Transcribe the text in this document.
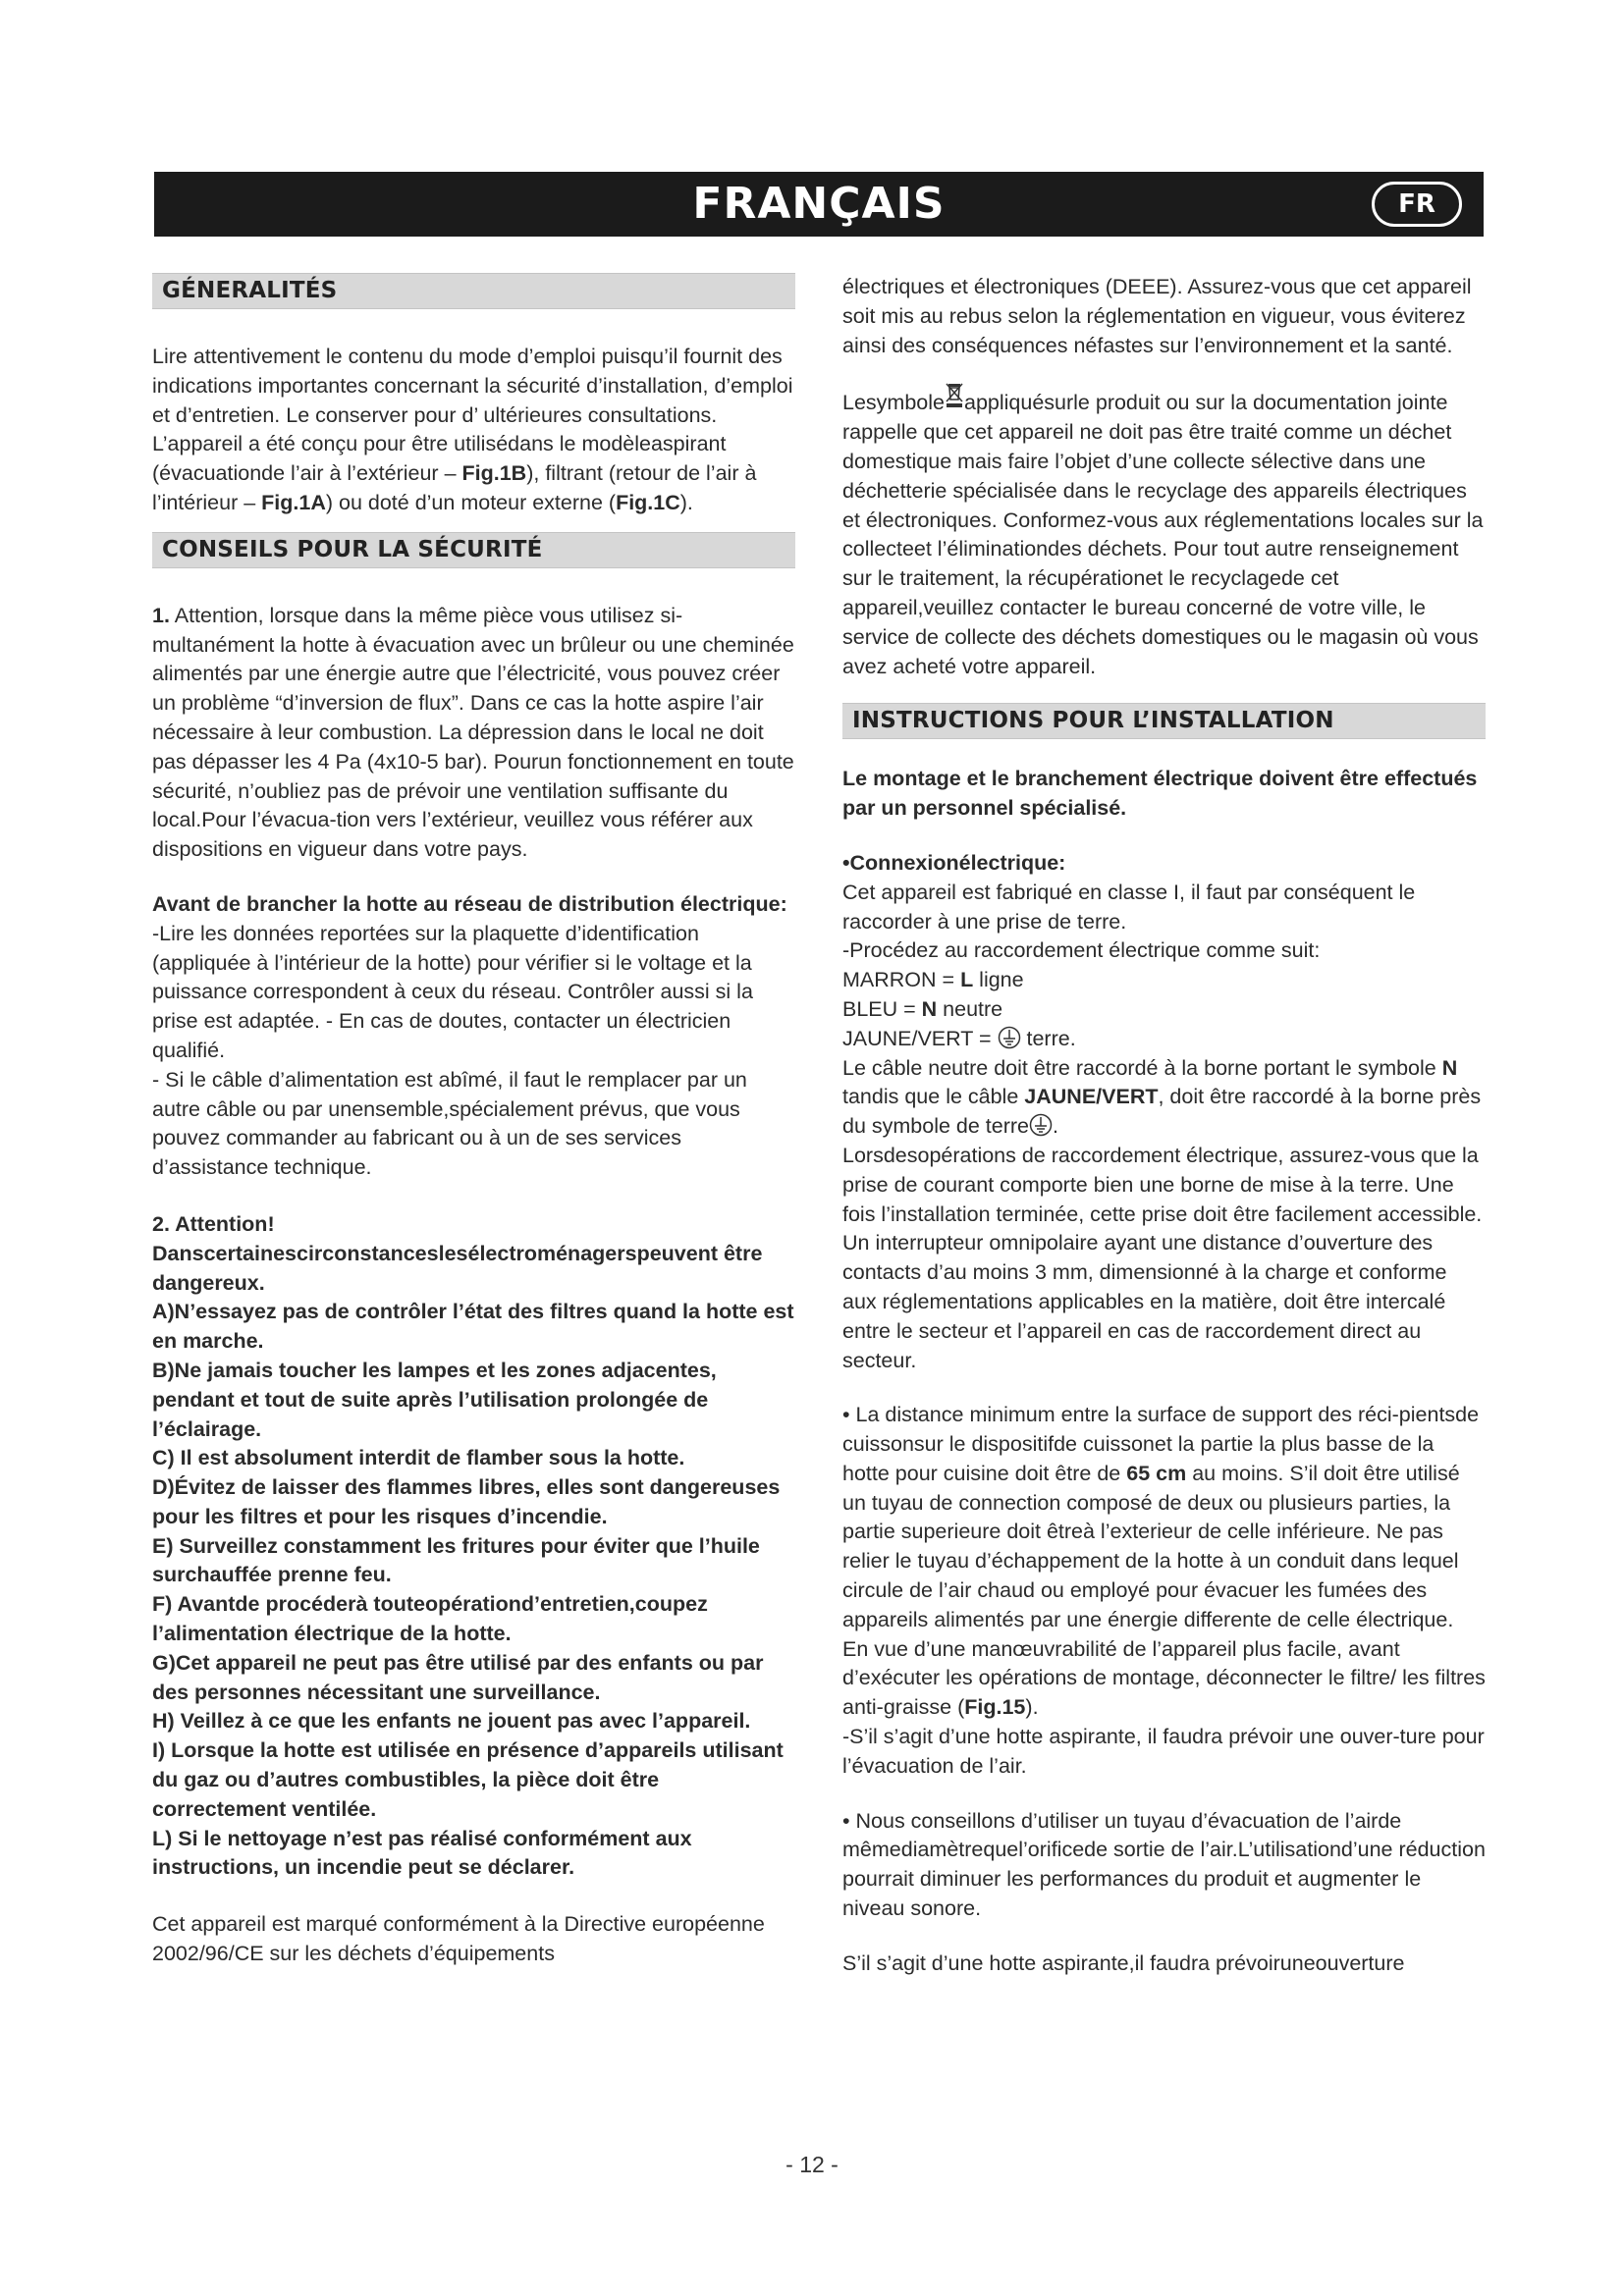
FRANÇAIS	FR
GÉNERALITÉS

Lire attentivement le contenu du mode d’emploi puisqu’il fournit des indications importantes concernant la sécurité d’installation, d’emploi et d’entretien. Le conserver pour d’ ultérieures consultations. L’appareil a été conçu pour être utilisédans le modèleaspirant (évacuationde l’air à l’extérieur – Fig.1B), filtrant (retour de l’air à l’intérieur – Fig.1A) ou doté d’un moteur externe (Fig.1C).

CONSEILS POUR LA SÉCURITÉ

1. Attention, lorsque dans la même pièce vous utilisez si-multanément la hotte à évacuation avec un brûleur ou une cheminée alimentés par une énergie autre que l’électricité, vous pouvez créer un problème “d’inversion de flux”. Dans ce cas la hotte aspire l’air nécessaire à leur combustion. La dépression dans le local ne doit pas dépasser les 4 Pa (4x10-5 bar). Pourun fonctionnement en toute sécurité, n’oubliez pas de prévoir une ventilation suffisante du local.Pour l’évacua-tion vers l’extérieur, veuillez vous référer aux dispositions en vigueur dans votre pays.

Avant de brancher la hotte au réseau de distribution électrique:

-Lire les données reportées sur la plaquette d’identification (appliquée à l’intérieur de la hotte) pour vérifier si le voltage et la puissance correspondent à ceux du réseau. Contrôler aussi si la prise est adaptée. - En cas de doutes, contacter un électricien qualifié.

- Si le câble d’alimentation est abîmé, il faut le remplacer par un autre câble ou par unensemble,spécialement prévus, que vous pouvez commander au fabricant ou à un de ses services d’assistance technique.

2. Attention!

Danscertainescirconstanceslesélectroménagerspeuvent être dangereux.

A)N’essayez pas de contrôler l’état des filtres quand la hotte est en marche.

B)Ne jamais toucher les lampes et les zones adjacentes, pendant et tout de suite après l’utilisation prolongée de l’éclairage.

C) Il est absolument interdit de flamber sous la hotte.

D)Évitez de laisser des flammes libres, elles sont dangereuses pour les filtres et pour les risques d’incendie.

E) Surveillez constamment les fritures pour éviter que l’huile surchauffée prenne feu.

F) Avantde procéderà touteopérationd’entretien,coupez l’alimentation électrique de la hotte.

G)Cet appareil ne peut pas être utilisé par des enfants ou par des personnes nécessitant une surveillance.

H) Veillez à ce que les enfants ne jouent pas avec l’appareil.

I) Lorsque la hotte est utilisée en présence d’appareils utilisant du gaz ou d’autres combustibles, la pièce doit être correctement ventilée.

L) Si le nettoyage n’est pas réalisé conformément aux instructions, un incendie peut se déclarer.

Cet appareil est marqué conformément à la Directive européenne 2002/96/CE sur les déchets d’équipements

électriques et électroniques (DEEE). Assurez-vous que cet appareil soit mis au rebus selon la réglementation en vigueur, vous éviterez ainsi des conséquences néfastes sur l’environnement et la santé.

Lesymbole appliquésurle produit ou sur la documentation jointe rappelle que cet appareil ne doit pas être traité comme un déchet domestique mais faire l’objet d’une collecte sélective dans une déchetterie spécialisée dans le recyclage des appareils électriques et électroniques. Conformez-vous aux réglementations locales sur la collecteet l’éliminationdes déchets. Pour tout autre renseignement sur le traitement, la récupérationet le recyclagede cet appareil,veuillez contacter le bureau concerné de votre ville, le service de collecte des déchets domestiques ou le magasin où vous avez acheté votre appareil.

INSTRUCTIONS POUR L’INSTALLATION

Le montage et le branchement électrique doivent être effectués par un personnel spécialisé.

•Connexionélectrique:

Cet appareil est fabriqué en classe I, il faut par conséquent le raccorder à une prise de terre.

-Procédez au raccordement électrique comme suit:

MARRON = L ligne

BLEU = N neutre

JAUNE/VERT =  terre.

Le câble neutre doit être raccordé à la borne portant le symbole N tandis que le câble JAUNE/VERT, doit être raccordé à la borne près du symbole de terre .

Lorsdesopérations de raccordement électrique, assurez-vous que la prise de courant comporte bien une borne de mise à la terre. Une fois l’installation terminée, cette prise doit être facilement accessible.

Un interrupteur omnipolaire ayant une distance d’ouverture des contacts d’au moins 3 mm, dimensionné à la charge et conforme aux réglementations applicables en la matière, doit être intercalé entre le secteur et l’appareil en cas de raccordement direct au secteur.

• La distance minimum entre la surface de support des réci-pientsde cuissonsur le dispositifde cuissonet la partie la plus basse de la hotte pour cuisine doit être de 65 cm au moins. S’il doit être utilisé un tuyau de connection composé de deux ou plusieurs parties, la partie superieure doit êtreà l’exterieur de celle inférieure. Ne pas relier le tuyau d’échappement de la hotte à un conduit dans lequel circule de l’air chaud ou employé pour évacuer les fumées des appareils alimentés par une énergie differente de celle électrique.

En vue d’une manœuvrabilité de l’appareil plus facile, avant d’exécuter les opérations de montage, déconnecter le filtre/ les filtres anti-graisse (Fig.15).

-S’il s’agit d’une hotte aspirante, il faudra prévoir une ouver-ture pour l’évacuation de l’air.

• Nous conseillons d’utiliser un tuyau d’évacuation de l’airde mêmediamètrequel’orificede sortie de l’air.L’utilisationd’une réduction pourrait diminuer les performances du produit et augmenter le niveau sonore.

S’il s’agit d’une hotte aspirante,il faudra prévoiruneouverture

- 12 -
